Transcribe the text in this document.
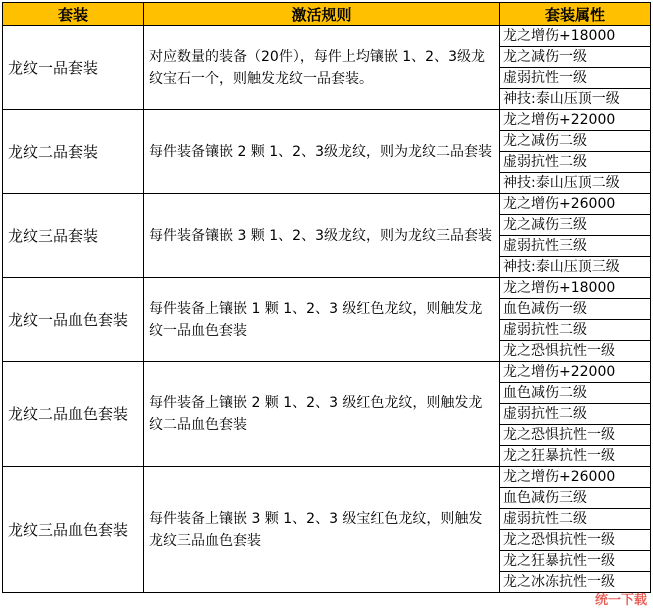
套装	激活规则	套装属性
龙纹一品套装	对应数量的装备（20件），每件上均镶嵌 1、2、3级龙纹宝石一个，则触发龙纹一品套装。	龙之增伤+18000
		龙之减伤一级
		虚弱抗性一级
		神技:泰山压顶一级
龙纹二品套装	每件装备镶嵌 2 颗 1、2、3级龙纹，则为龙纹二品套装	龙之增伤+22000
		龙之减伤二级
		虚弱抗性二级
		神技:泰山压顶二级
龙纹三品套装	每件装备镶嵌 3 颗 1、2、3级龙纹，则为龙纹三品套装	龙之增伤+26000
		龙之减伤三级
		虚弱抗性三级
		神技:泰山压顶三级
龙纹一品血色套装	每件装备上镶嵌 1 颗 1、2、3 级红色龙纹，则触发龙纹一品血色套装	龙之增伤+18000
		血色减伤一级
		虚弱抗性二级
		龙之恐惧抗性一级
龙纹二品血色套装	每件装备上镶嵌 2 颗 1、2、3 级红色龙纹，则触发龙纹二品血色套装	龙之增伤+22000
		血色减伤二级
		虚弱抗性二级
		龙之恐惧抗性一级
		龙之狂暴抗性一级
龙纹三品血色套装	每件装备上镶嵌 3 颗 1、2、3 级宝红色龙纹，则触发龙纹三品血色套装	龙之增伤+26000
		血色减伤三级
		虚弱抗性二级
		龙之恐惧抗性一级
		龙之狂暴抗性一级
		龙之冰冻抗性一级
统一下载
